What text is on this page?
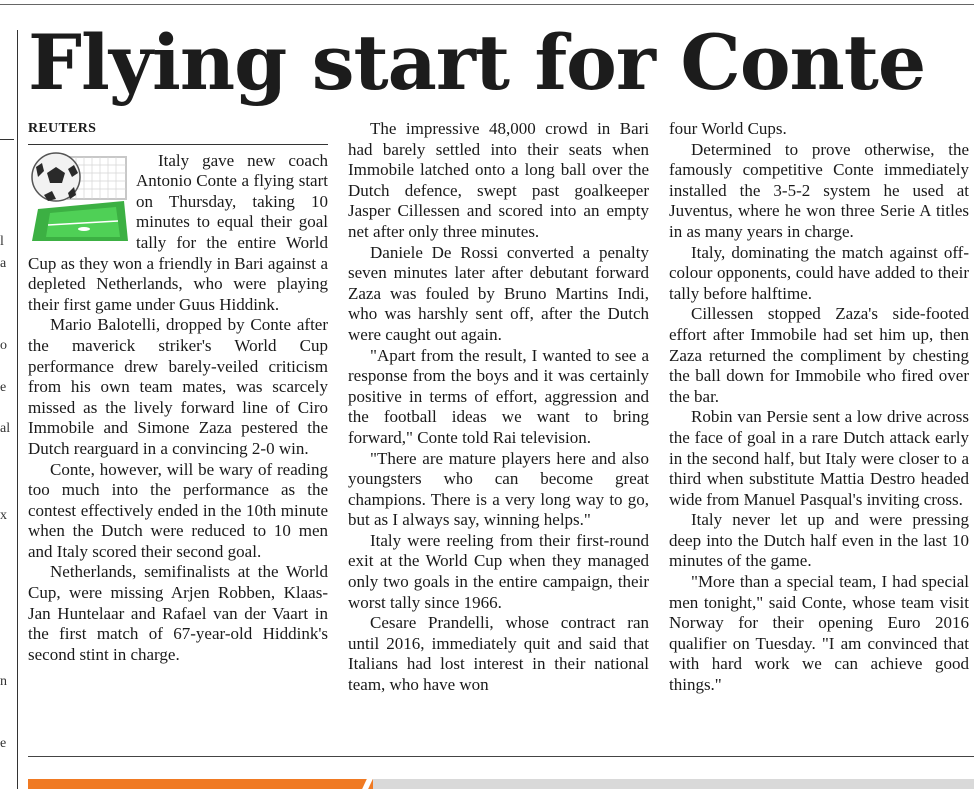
l
a
o
e
al
x
n
e
Flying start for Conte
REUTERS

Italy gave new coach Antonio Conte a flying start on Thursday, taking 10 minutes to equal their goal tally for the entire World Cup as they won a friendly in Bari against a depleted Netherlands, who were playing their first game under Guus Hiddink.

Mario Balotelli, dropped by Conte after the maverick striker's World Cup performance drew barely-veiled criticism from his own team mates, was scarcely missed as the lively forward line of Ciro Immobile and Simone Zaza pestered the Dutch rearguard in a convincing 2-0 win.

Conte, however, will be wary of reading too much into the performance as the contest effectively ended in the 10th minute when the Dutch were reduced to 10 men and Italy scored their second goal.

Netherlands, semifinalists at the World Cup, were missing Arjen Robben, Klaas-Jan Huntelaar and Rafael van der Vaart in the first match of 67-year-old Hiddink's second stint in charge.

The impressive 48,000 crowd in Bari had barely settled into their seats when Immobile latched onto a long ball over the Dutch defence, swept past goalkeeper Jasper Cillessen and scored into an empty net after only three minutes.

Daniele De Rossi converted a penalty seven minutes later after debutant forward Zaza was fouled by Bruno Martins Indi, who was harshly sent off, after the Dutch were caught out again.

"Apart from the result, I wanted to see a response from the boys and it was certainly positive in terms of effort, aggression and the football ideas we want to bring forward," Conte told Rai television.

"There are mature players here and also youngsters who can become great champions. There is a very long way to go, but as I always say, winning helps."

Italy were reeling from their first-round exit at the World Cup when they managed only two goals in the entire campaign, their worst tally since 1966.

Cesare Prandelli, whose contract ran until 2016, immediately quit and said that Italians had lost interest in their national team, who have won

four World Cups.

Determined to prove otherwise, the famously competitive Conte immediately installed the 3-5-2 system he used at Juventus, where he won three Serie A titles in as many years in charge.

Italy, dominating the match against off-colour opponents, could have added to their tally before halftime.

Cillessen stopped Zaza's side-footed effort after Immobile had set him up, then Zaza returned the compliment by chesting the ball down for Immobile who fired over the bar.

Robin van Persie sent a low drive across the face of goal in a rare Dutch attack early in the second half, but Italy were closer to a third when substitute Mattia Destro headed wide from Manuel Pasqual's inviting cross.

Italy never let up and were pressing deep into the Dutch half even in the last 10 minutes of the game.

"More than a special team, I had special men tonight," said Conte, whose team visit Norway for their opening Euro 2016 qualifier on Tuesday. "I am convinced that with hard work we can achieve good things."
